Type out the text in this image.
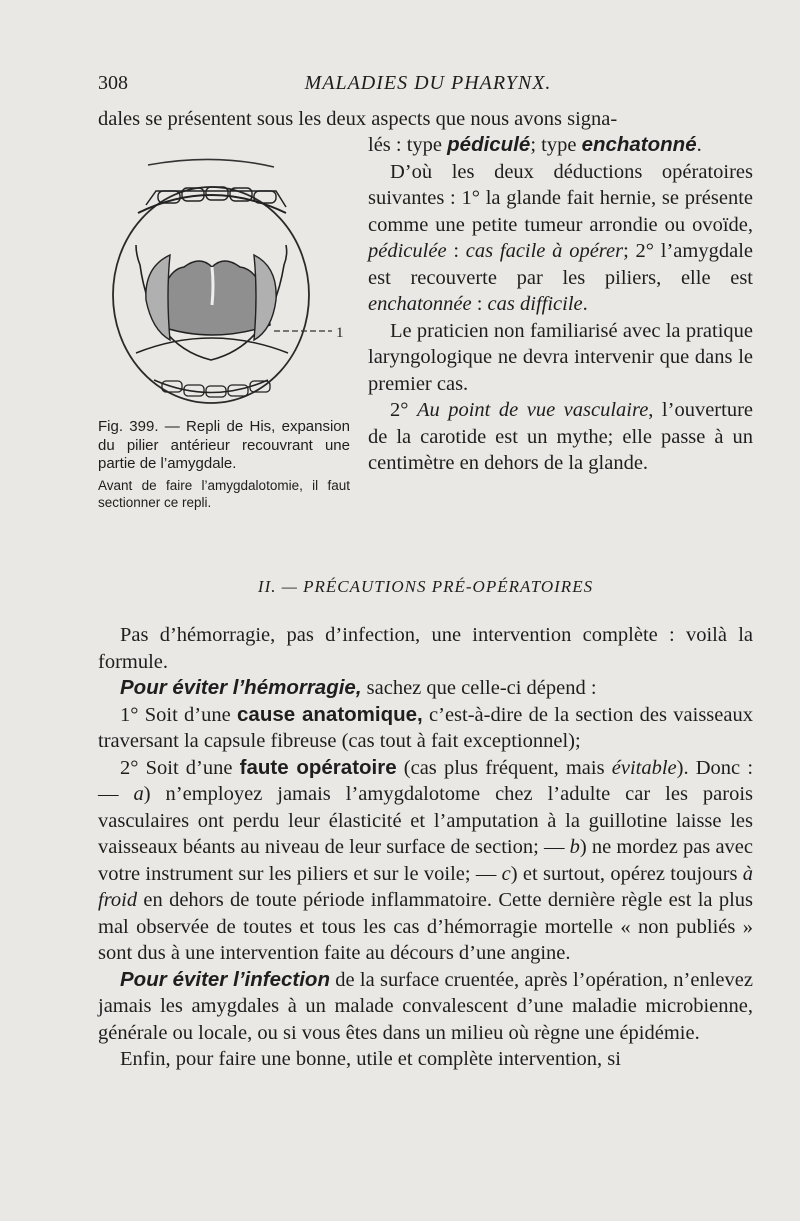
308	MALADIES DU PHARYNX.
dales se présentent sous les deux aspects que nous avons signa-
1
Fig. 399. — Repli de His, expansion du pilier antérieur recouvrant une partie de l’amygdale.
Avant de faire l’amygdalotomie, il faut sectionner ce repli.

lés : type pédiculé; type enchatonné.

D’où les deux déductions opératoires suivantes : 1° la glande fait hernie, se présente comme une petite tumeur arrondie ou ovoïde, pédiculée : cas facile à opérer; 2° l’amygdale est recouverte par les piliers, elle est enchatonnée : cas difficile.

Le praticien non familiarisé avec la pratique laryngologique ne devra intervenir que dans le premier cas.

2° Au point de vue vasculaire, l’ouverture de la carotide est un mythe; elle passe à un centimètre en dehors de la glande.

II. — PRÉCAUTIONS PRÉ-OPÉRATOIRES

Pas d’hémorragie, pas d’infection, une intervention complète : voilà la formule.

Pour éviter l’hémorragie, sachez que celle-ci dépend :

1° Soit d’une cause anatomique, c’est-à-dire de la section des vaisseaux traversant la capsule fibreuse (cas tout à fait exceptionnel);

2° Soit d’une faute opératoire (cas plus fréquent, mais évitable). Donc : — a) n’employez jamais l’amygdalotome chez l’adulte car les parois vasculaires ont perdu leur élasticité et l’amputation à la guillotine laisse les vaisseaux béants au niveau de leur surface de section; — b) ne mordez pas avec votre instrument sur les piliers et sur le voile; — c) et surtout, opérez toujours à froid en dehors de toute période inflammatoire. Cette dernière règle est la plus mal observée de toutes et tous les cas d’hémorragie mortelle « non publiés » sont dus à une intervention faite au décours d’une angine.

Pour éviter l’infection de la surface cruentée, après l’opération, n’enlevez jamais les amygdales à un malade convalescent d’une maladie microbienne, générale ou locale, ou si vous êtes dans un milieu où règne une épidémie.

Enfin, pour faire une bonne, utile et complète intervention, si
